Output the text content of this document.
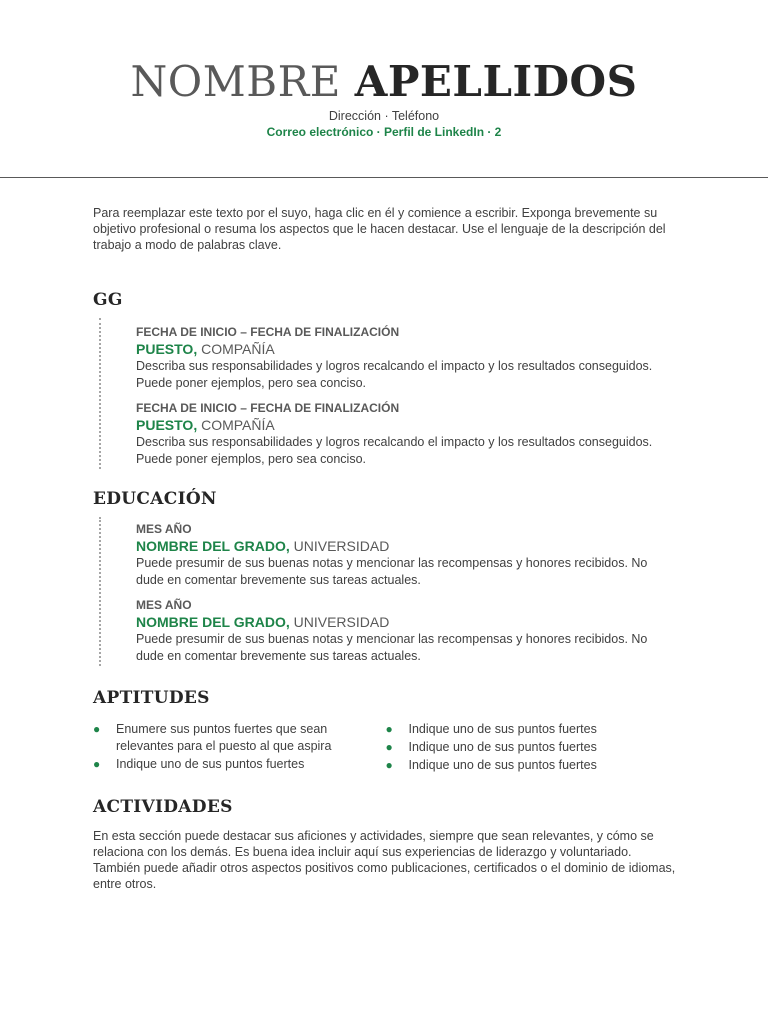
NOMBRE APELLIDOS
Dirección · Teléfono
Correo electrónico · Perfil de LinkedIn · 2

Para reemplazar este texto por el suyo, haga clic en él y comience a escribir. Exponga brevemente su objetivo profesional o resuma los aspectos que le hacen destacar. Use el lenguaje de la descripción del trabajo a modo de palabras clave.

GG
FECHA DE INICIO – FECHA DE FINALIZACIÓN
PUESTO, COMPAÑÍA
Describa sus responsabilidades y logros recalcando el impacto y los resultados conseguidos. Puede poner ejemplos, pero sea conciso.
FECHA DE INICIO – FECHA DE FINALIZACIÓN
PUESTO, COMPAÑÍA
Describa sus responsabilidades y logros recalcando el impacto y los resultados conseguidos. Puede poner ejemplos, pero sea conciso.
EDUCACIÓN
MES AÑO
NOMBRE DEL GRADO, UNIVERSIDAD
Puede presumir de sus buenas notas y mencionar las recompensas y honores recibidos. No dude en comentar brevemente sus tareas actuales.
MES AÑO
NOMBRE DEL GRADO, UNIVERSIDAD
Puede presumir de sus buenas notas y mencionar las recompensas y honores recibidos. No dude en comentar brevemente sus tareas actuales.
APTITUDES
● Enumere sus puntos fuertes que sean relevantes para el puesto al que aspira
● Indique uno de sus puntos fuertes
● Indique uno de sus puntos fuertes
● Indique uno de sus puntos fuertes
● Indique uno de sus puntos fuertes
ACTIVIDADES

En esta sección puede destacar sus aficiones y actividades, siempre que sean relevantes, y cómo se relaciona con los demás. Es buena idea incluir aquí sus experiencias de liderazgo y voluntariado. También puede añadir otros aspectos positivos como publicaciones, certificados o el dominio de idiomas, entre otros.
